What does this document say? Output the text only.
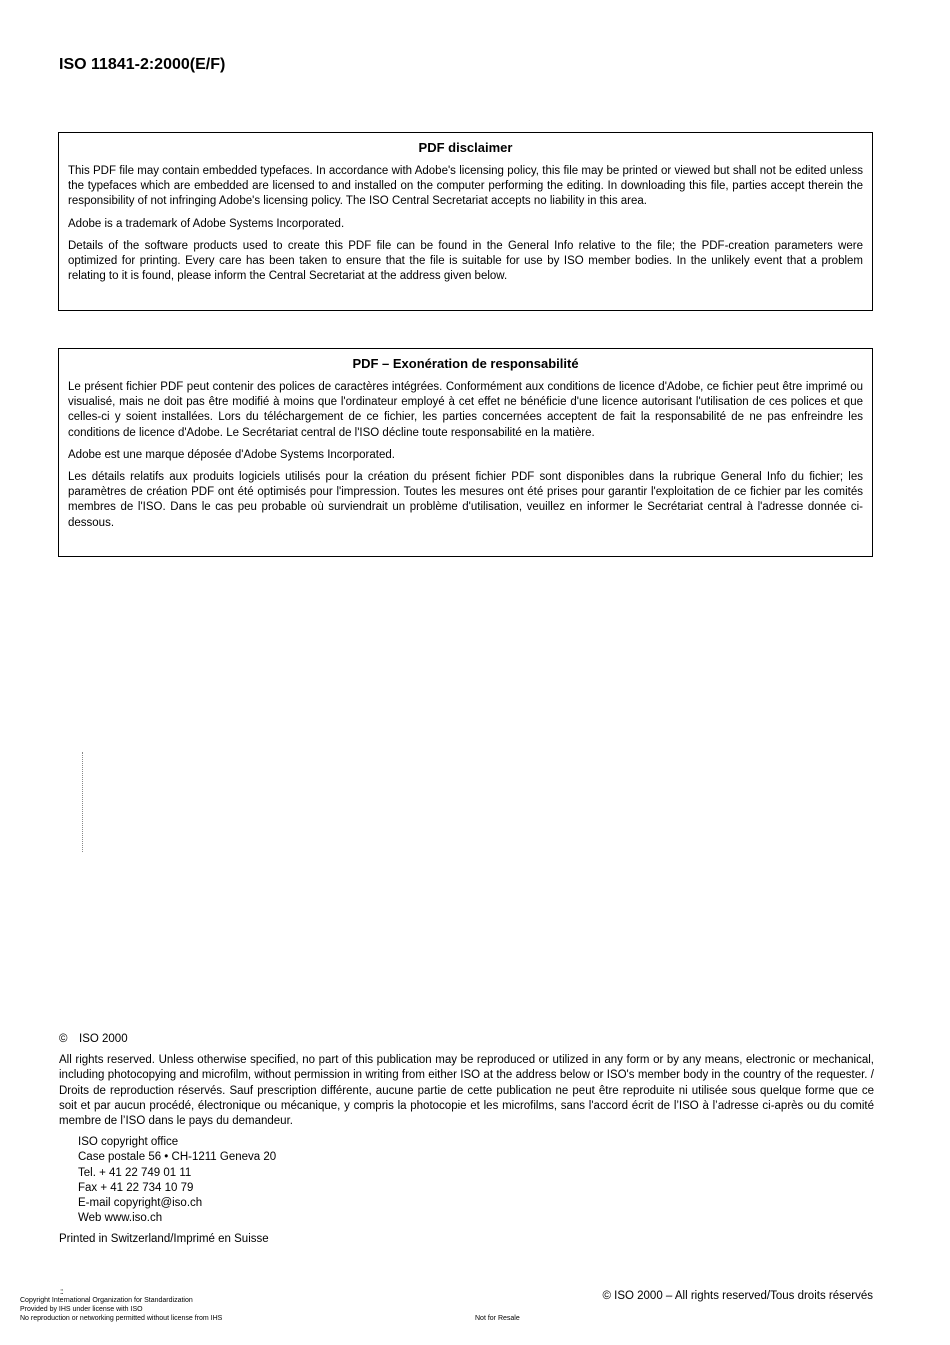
ISO 11841-2:2000(E/F)
PDF disclaimer

This PDF file may contain embedded typefaces. In accordance with Adobe's licensing policy, this file may be printed or viewed but shall not be edited unless the typefaces which are embedded are licensed to and installed on the computer performing the editing. In downloading this file, parties accept therein the responsibility of not infringing Adobe's licensing policy. The ISO Central Secretariat accepts no liability in this area.

Adobe is a trademark of Adobe Systems Incorporated.

Details of the software products used to create this PDF file can be found in the General Info relative to the file; the PDF-creation parameters were optimized for printing. Every care has been taken to ensure that the file is suitable for use by ISO member bodies. In the unlikely event that a problem relating to it is found, please inform the Central Secretariat at the address given below.

PDF – Exonération de responsabilité

Le présent fichier PDF peut contenir des polices de caractères intégrées. Conformément aux conditions de licence d'Adobe, ce fichier peut être imprimé ou visualisé, mais ne doit pas être modifié à moins que l'ordinateur employé à cet effet ne bénéficie d'une licence autorisant l'utilisation de ces polices et que celles-ci y soient installées. Lors du téléchargement de ce fichier, les parties concernées acceptent de fait la responsabilité de ne pas enfreindre les conditions de licence d'Adobe. Le Secrétariat central de l'ISO décline toute responsabilité en la matière.

Adobe est une marque déposée d'Adobe Systems Incorporated.

Les détails relatifs aux produits logiciels utilisés pour la création du présent fichier PDF sont disponibles dans la rubrique General Info du fichier; les paramètres de création PDF ont été optimisés pour l'impression. Toutes les mesures ont été prises pour garantir l'exploitation de ce fichier par les comités membres de l'ISO. Dans le cas peu probable où surviendrait un problème d'utilisation, veuillez en informer le Secrétariat central à l'adresse donnée ci-dessous.

© ISO 2000
All rights reserved. Unless otherwise specified, no part of this publication may be reproduced or utilized in any form or by any means, electronic or mechanical, including photocopying and microfilm, without permission in writing from either ISO at the address below or ISO's member body in the country of the requester. / Droits de reproduction réservés. Sauf prescription différente, aucune partie de cette publication ne peut être reproduite ni utilisée sous quelque forme que ce soit et par aucun procédé, électronique ou mécanique, y compris la photocopie et les microfilms, sans l'accord écrit de l’ISO à l’adresse ci-après ou du comité membre de l’ISO dans le pays du demandeur.
ISO copyright office
Case postale 56 • CH-1211 Geneva 20
Tel. + 41 22 749 01 11
Fax + 41 22 734 10 79
E-mail copyright@iso.ch
Web www.iso.ch
Printed in Switzerland/Imprimé en Suisse
::
Copyright International Organization for Standardization
Provided by IHS under license with ISO
No reproduction or networking permitted without license from IHS	Not for Resale
© ISO 2000 – All rights reserved/Tous droits réservés
